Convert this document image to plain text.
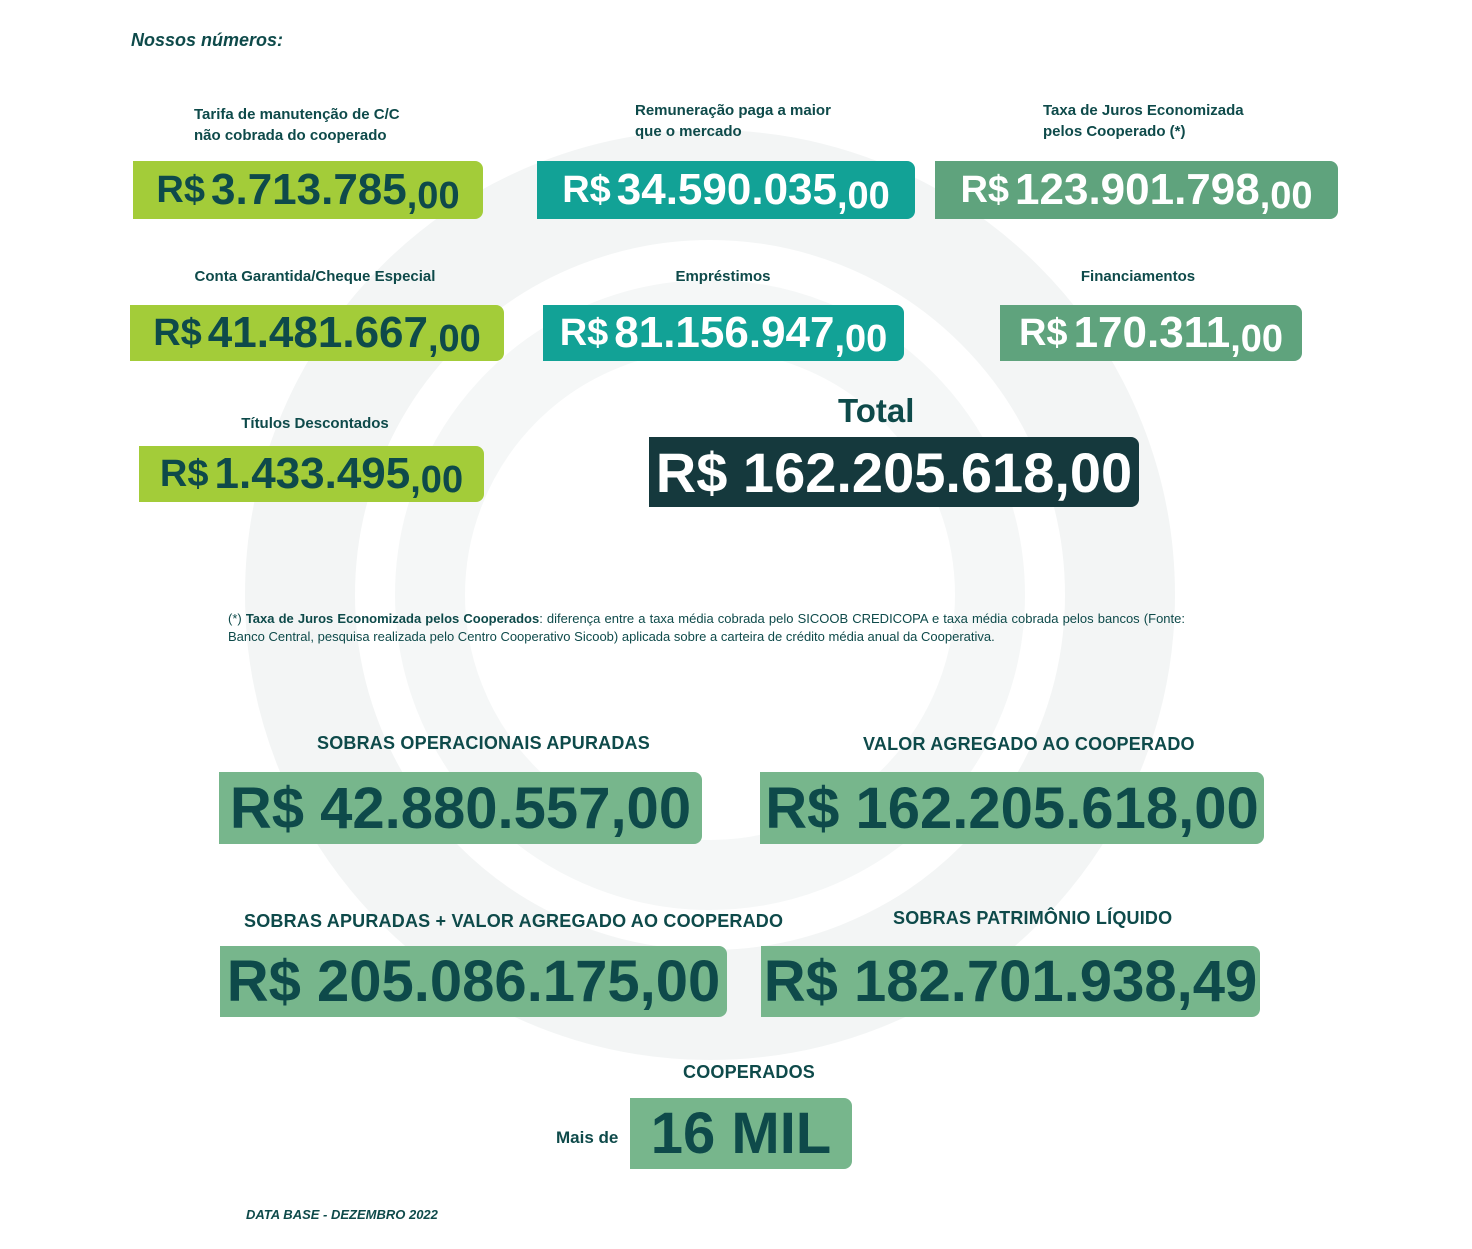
Nossos números:
Tarifa de manutenção de C/C
não cobrada do cooperado
R$ 3.713.785 ,00
Remuneração paga a maior
que o mercado
R$ 34.590.035 ,00
Taxa de Juros Economizada
pelos Cooperado (*)
R$ 123.901.798 ,00
Conta Garantida/Cheque Especial
R$ 41.481.667 ,00
Empréstimos
R$ 81.156.947 ,00
Financiamentos
R$ 170.311 ,00
Títulos Descontados
R$ 1.433.495 ,00
Total
R$ 162.205.618,00
(*) Taxa de Juros Economizada pelos Cooperados: diferença entre a taxa média cobrada pelo SICOOB CREDICOPA e taxa média cobrada pelos bancos (Fonte: Banco Central, pesquisa realizada pelo Centro Cooperativo Sicoob) aplicada sobre a carteira de crédito média anual da Cooperativa.
SOBRAS OPERACIONAIS APURADAS
R$ 42.880.557,00
VALOR AGREGADO AO COOPERADO
R$ 162.205.618,00
SOBRAS APURADAS + VALOR AGREGADO AO COOPERADO
R$ 205.086.175,00
SOBRAS PATRIMÔNIO LÍQUIDO
R$ 182.701.938,49
COOPERADOS
Mais de 16 MIL
DATA BASE - DEZEMBRO 2022
